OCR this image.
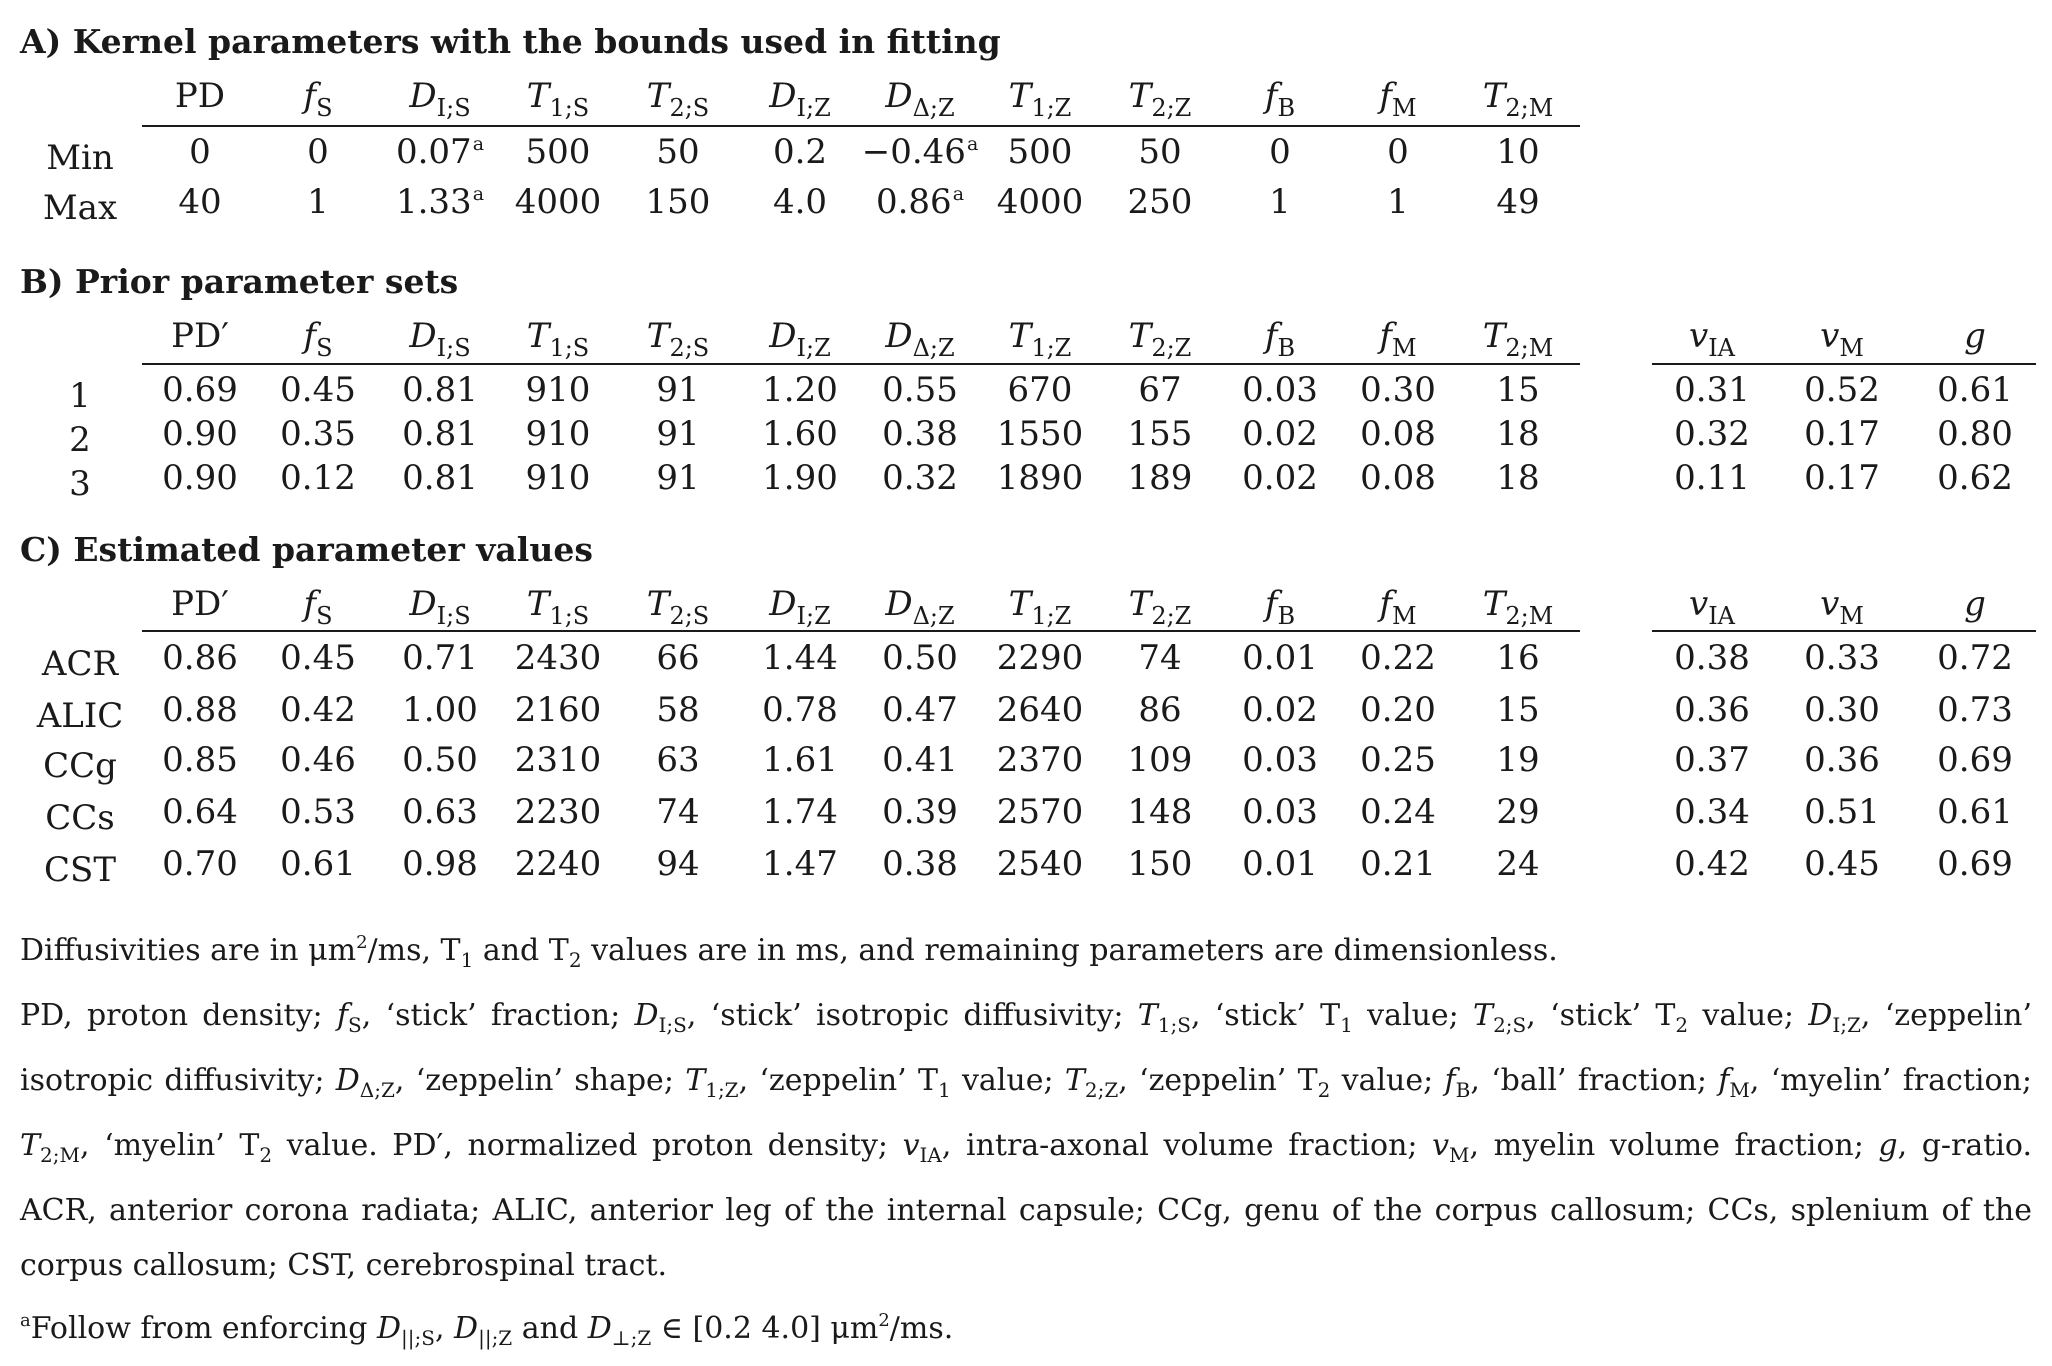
A) Kernel parameters with the bounds used in fitting
B) Prior parameter sets
C) Estimated parameter values
PD $f_S$ $D_{I;S}$ $T_{1;S}$ $T_{2;S}$ $D_{I;Z}$ $D_{\Delta;Z}$ $T_{1;Z}$ $T_{2;Z}$ $f_B$ $f_M$ $T_{2;M}$
Min 0	0 0.07$^a$ 500 50 0.2 −0.46$^a$ 500 50	0	0	10
Max 40	1 1.33$^a$ 4000 150 4.0 0.86$^a$ 4000 250 1	1	49
PD′ $f_S$ $D_{I;S}$ $T_{1;S}$ $T_{2;S}$ $D_{I;Z}$ $D_{\Delta;Z}$ $T_{1;Z}$ $T_{2;Z}$ $f_B$ $f_M$ $T_{2;M}$	$v_{IA}$	$v_M$	g
1 0.69 0.45 0.81 910 91 1.20 0.55 670 67 0.03 0.30 15	0.31 0.52 0.61
2 0.90 0.35 0.81 910 91 1.60 0.38 1550 155 0.02 0.08 18	0.32 0.17 0.80
3 0.90 0.12 0.81 910 91 1.90 0.32 1890 189 0.02 0.08 18	0.11 0.17 0.62
PD′ $f_S$ $D_{I;S}$ $T_{1;S}$ $T_{2;S}$ $D_{I;Z}$ $D_{\Delta;Z}$ $T_{1;Z}$ $T_{2;Z}$ $f_B$ $f_M$ $T_{2;M}$	$v_{IA}$	$v_M$	g
ACR 0.86 0.45 0.71 2430 66 1.44 0.50 2290 74 0.01 0.22 16	0.38 0.33 0.72
ALIC 0.88 0.42 1.00 2160 58 0.78 0.47 2640 86 0.02 0.20 15	0.36 0.30 0.73
CCg 0.85 0.46 0.50 2310 63 1.61 0.41 2370 109 0.03 0.25 19	0.37 0.36 0.69
CCs 0.64 0.53 0.63 2230 74 1.74 0.39 2570 148 0.03 0.24 29	0.34 0.51 0.61
CST 0.70 0.61 0.98 2240 94 1.47 0.38 2540 150 0.01 0.21 24	0.42 0.45 0.69
Diffusivities are in $\mu m^2/ms$, $T_1$ and $T_2$ values are in ms, and remaining parameters are dimensionless.
PD, proton density; $f_S$, ‘stick’ fraction; $D_{I;S}$, ‘stick’ isotropic diffusivity; $T_{1;S}$, ‘stick’ $T_1$ value; $T_{2;S}$, ‘stick’ $T_2$ value; $D_{I;Z}$, ‘zeppelin’ isotropic diffusivity; $D_{\Delta;Z}$, ‘zeppelin’ shape; $T_{1;Z}$, ‘zeppelin’ $T_1$ value; $T_{2;Z}$, ‘zeppelin’ $T_2$ value; $f_B$, ‘ball’ fraction; $f_M$, ‘myelin’ fraction; $T_{2;M}$, ‘myelin’ $T_2$ value. PD′, normalized proton density; $v_{IA}$, intra-axonal volume fraction; $v_M$, myelin volume fraction; g, g-ratio. ACR, anterior corona radiata; ALIC, anterior leg of the internal capsule; CCg, genu of the corpus callosum; CCs, splenium of the corpus callosum; CST, cerebrospinal tract.
$^a$Follow from enforcing $D_{||;S}$, $D_{||;Z}$ and $D_{\perp;Z}$ ∈ [0.2 4.0] $\mu m^2/ms$.
